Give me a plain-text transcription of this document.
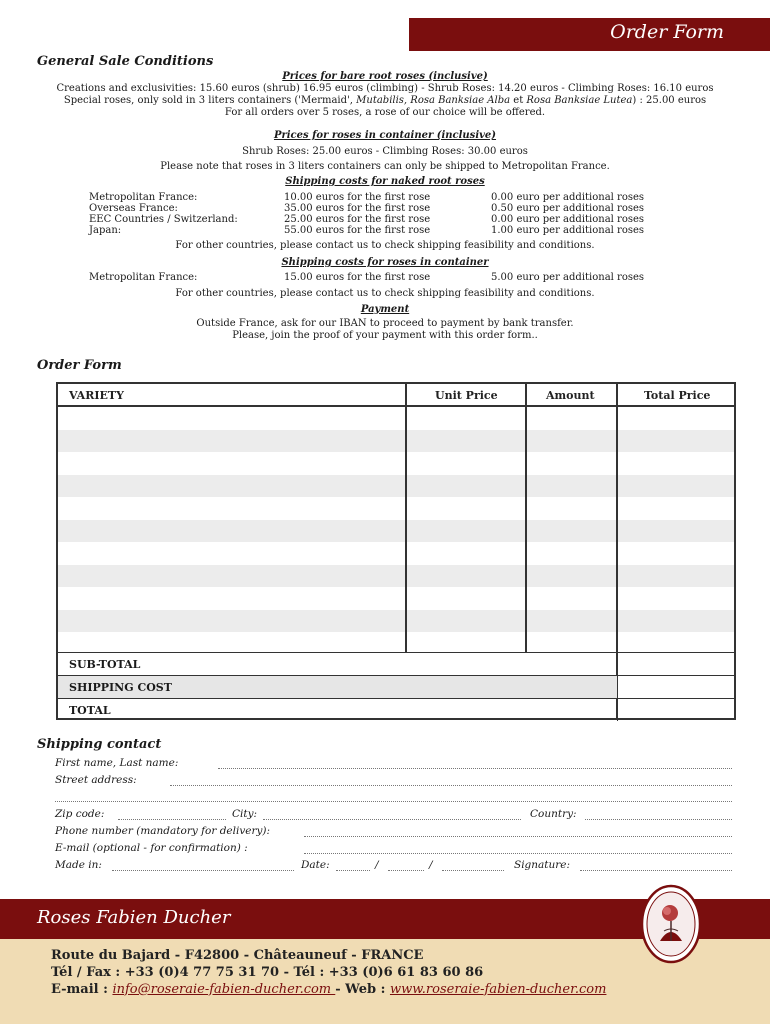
Order Form
General Sale Conditions
Prices for bare root roses (inclusive)
Creations and exclusivities: 15.60 euros (shrub) 16.95 euros (climbing) - Shrub Roses: 14.20 euros - Climbing Roses: 16.10 euros
Special roses, only sold in 3 liters containers ('Mermaid', Mutabilis, Rosa Banksiae Alba et Rosa Banksiae Lutea) : 25.00 euros
For all orders over 5 roses, a rose of our choice will be offered.
Prices for roses in container (inclusive)
Shrub Roses: 25.00 euros - Climbing Roses: 30.00 euros
Please note that roses in 3 liters containers can only be shipped to Metropolitan France.
Shipping costs for naked root roses
Metropolitan France:	10.00 euros for the first rose	0.00 euro per additional roses
Overseas France:	35.00 euros for the first rose	0.50 euro per additional roses
EEC Countries / Switzerland:	25.00 euros for the first rose	0.00 euro per additional roses
Japan:	55.00 euros for the first rose	1.00 euro per additional roses
For other countries, please contact us to check shipping feasibility and conditions.
Shipping costs for roses in container
Metropolitan France:	15.00 euros for the first rose	5.00 euro per additional roses
For other countries, please contact us to check shipping feasibility and conditions.
Payment
Outside France, ask for our IBAN to proceed to payment by bank transfer.
Please, join the proof of your payment with this order form..
Order Form
VARIETY	Unit Price	Amount	Total Price
SUB-TOTAL
SHIPPING COST
TOTAL
Shipping contact
First name, Last name:
Street address:
Zip code:	City:	Country:
Phone number (mandatory for delivery):
E-mail (optional - for confirmation) :
Made in:	Date:	/	/	Signature:
Roses Fabien Ducher
Route du Bajard - F42800 - Châteauneuf - FRANCE
Tél / Fax : +33 (0)4 77 75 31 70 - Tél : +33 (0)6 61 83 60 86
E-mail : info@roseraie-fabien-ducher.com - Web : www.roseraie-fabien-ducher.com
